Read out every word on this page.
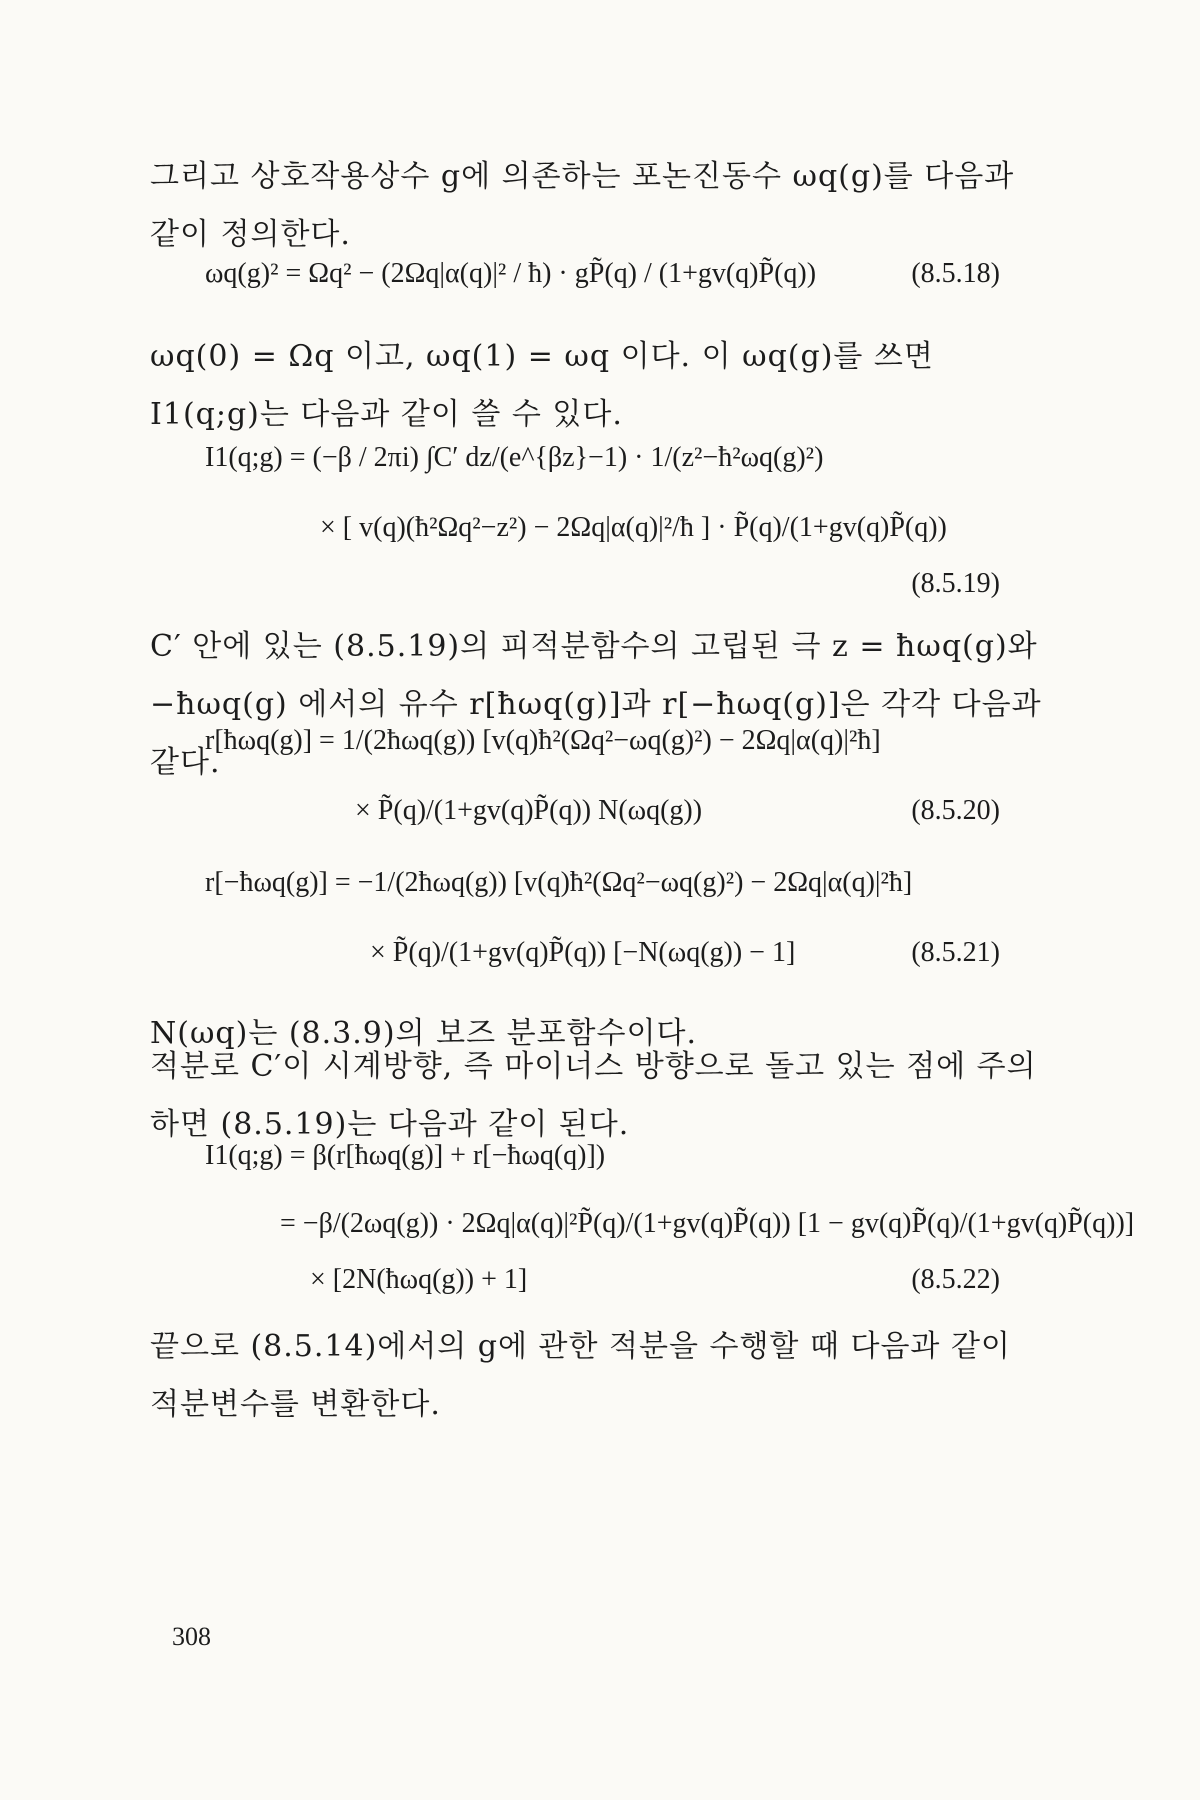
그리고 상호작용상수 g에 의존하는 포논진동수 ωq(g)를 다음과 같이 정의한다.
ωq(g)² = Ωq² − (2Ωq|α(q)|² / ħ) · gP̃(q) / (1+gv(q)P̃(q))	(8.5.18)
ωq(0) = Ωq 이고, ωq(1) = ωq 이다. 이 ωq(g)를 쓰면 I1(q;g)는 다음과 같이 쓸 수 있다.
I1(q;g) = (−β / 2πi) ∫C′ dz/(e^{βz}−1) · 1/(z²−ħ²ωq(g)²)
× [ v(q)(ħ²Ωq²−z²) − 2Ωq|α(q)|²/ħ ] · P̃(q)/(1+gv(q)P̃(q))
(8.5.19)
C′ 안에 있는 (8.5.19)의 피적분함수의 고립된 극 z = ħωq(g)와 −ħωq(g) 에서의 유수 r[ħωq(g)]과 r[−ħωq(g)]은 각각 다음과 같다.
r[ħωq(g)] = 1/(2ħωq(g)) [v(q)ħ²(Ωq²−ωq(g)²) − 2Ωq|α(q)|²ħ]
× P̃(q)/(1+gv(q)P̃(q)) N(ωq(g))	(8.5.20)
r[−ħωq(g)] = −1/(2ħωq(g)) [v(q)ħ²(Ωq²−ωq(g)²) − 2Ωq|α(q)|²ħ]
× P̃(q)/(1+gv(q)P̃(q)) [−N(ωq(g)) − 1]	(8.5.21)
N(ωq)는 (8.3.9)의 보즈 분포함수이다.
적분로 C′이 시계방향, 즉 마이너스 방향으로 돌고 있는 점에 주의하면 (8.5.19)는 다음과 같이 된다.
I1(q;g) = β(r[ħωq(g)] + r[−ħωq(q)])
= −β/(2ωq(g)) · 2Ωq|α(q)|²P̃(q)/(1+gv(q)P̃(q)) [1 − gv(q)P̃(q)/(1+gv(q)P̃(q))]
× [2N(ħωq(g)) + 1]	(8.5.22)
끝으로 (8.5.14)에서의 g에 관한 적분을 수행할 때 다음과 같이 적분변수를 변환한다.
308
